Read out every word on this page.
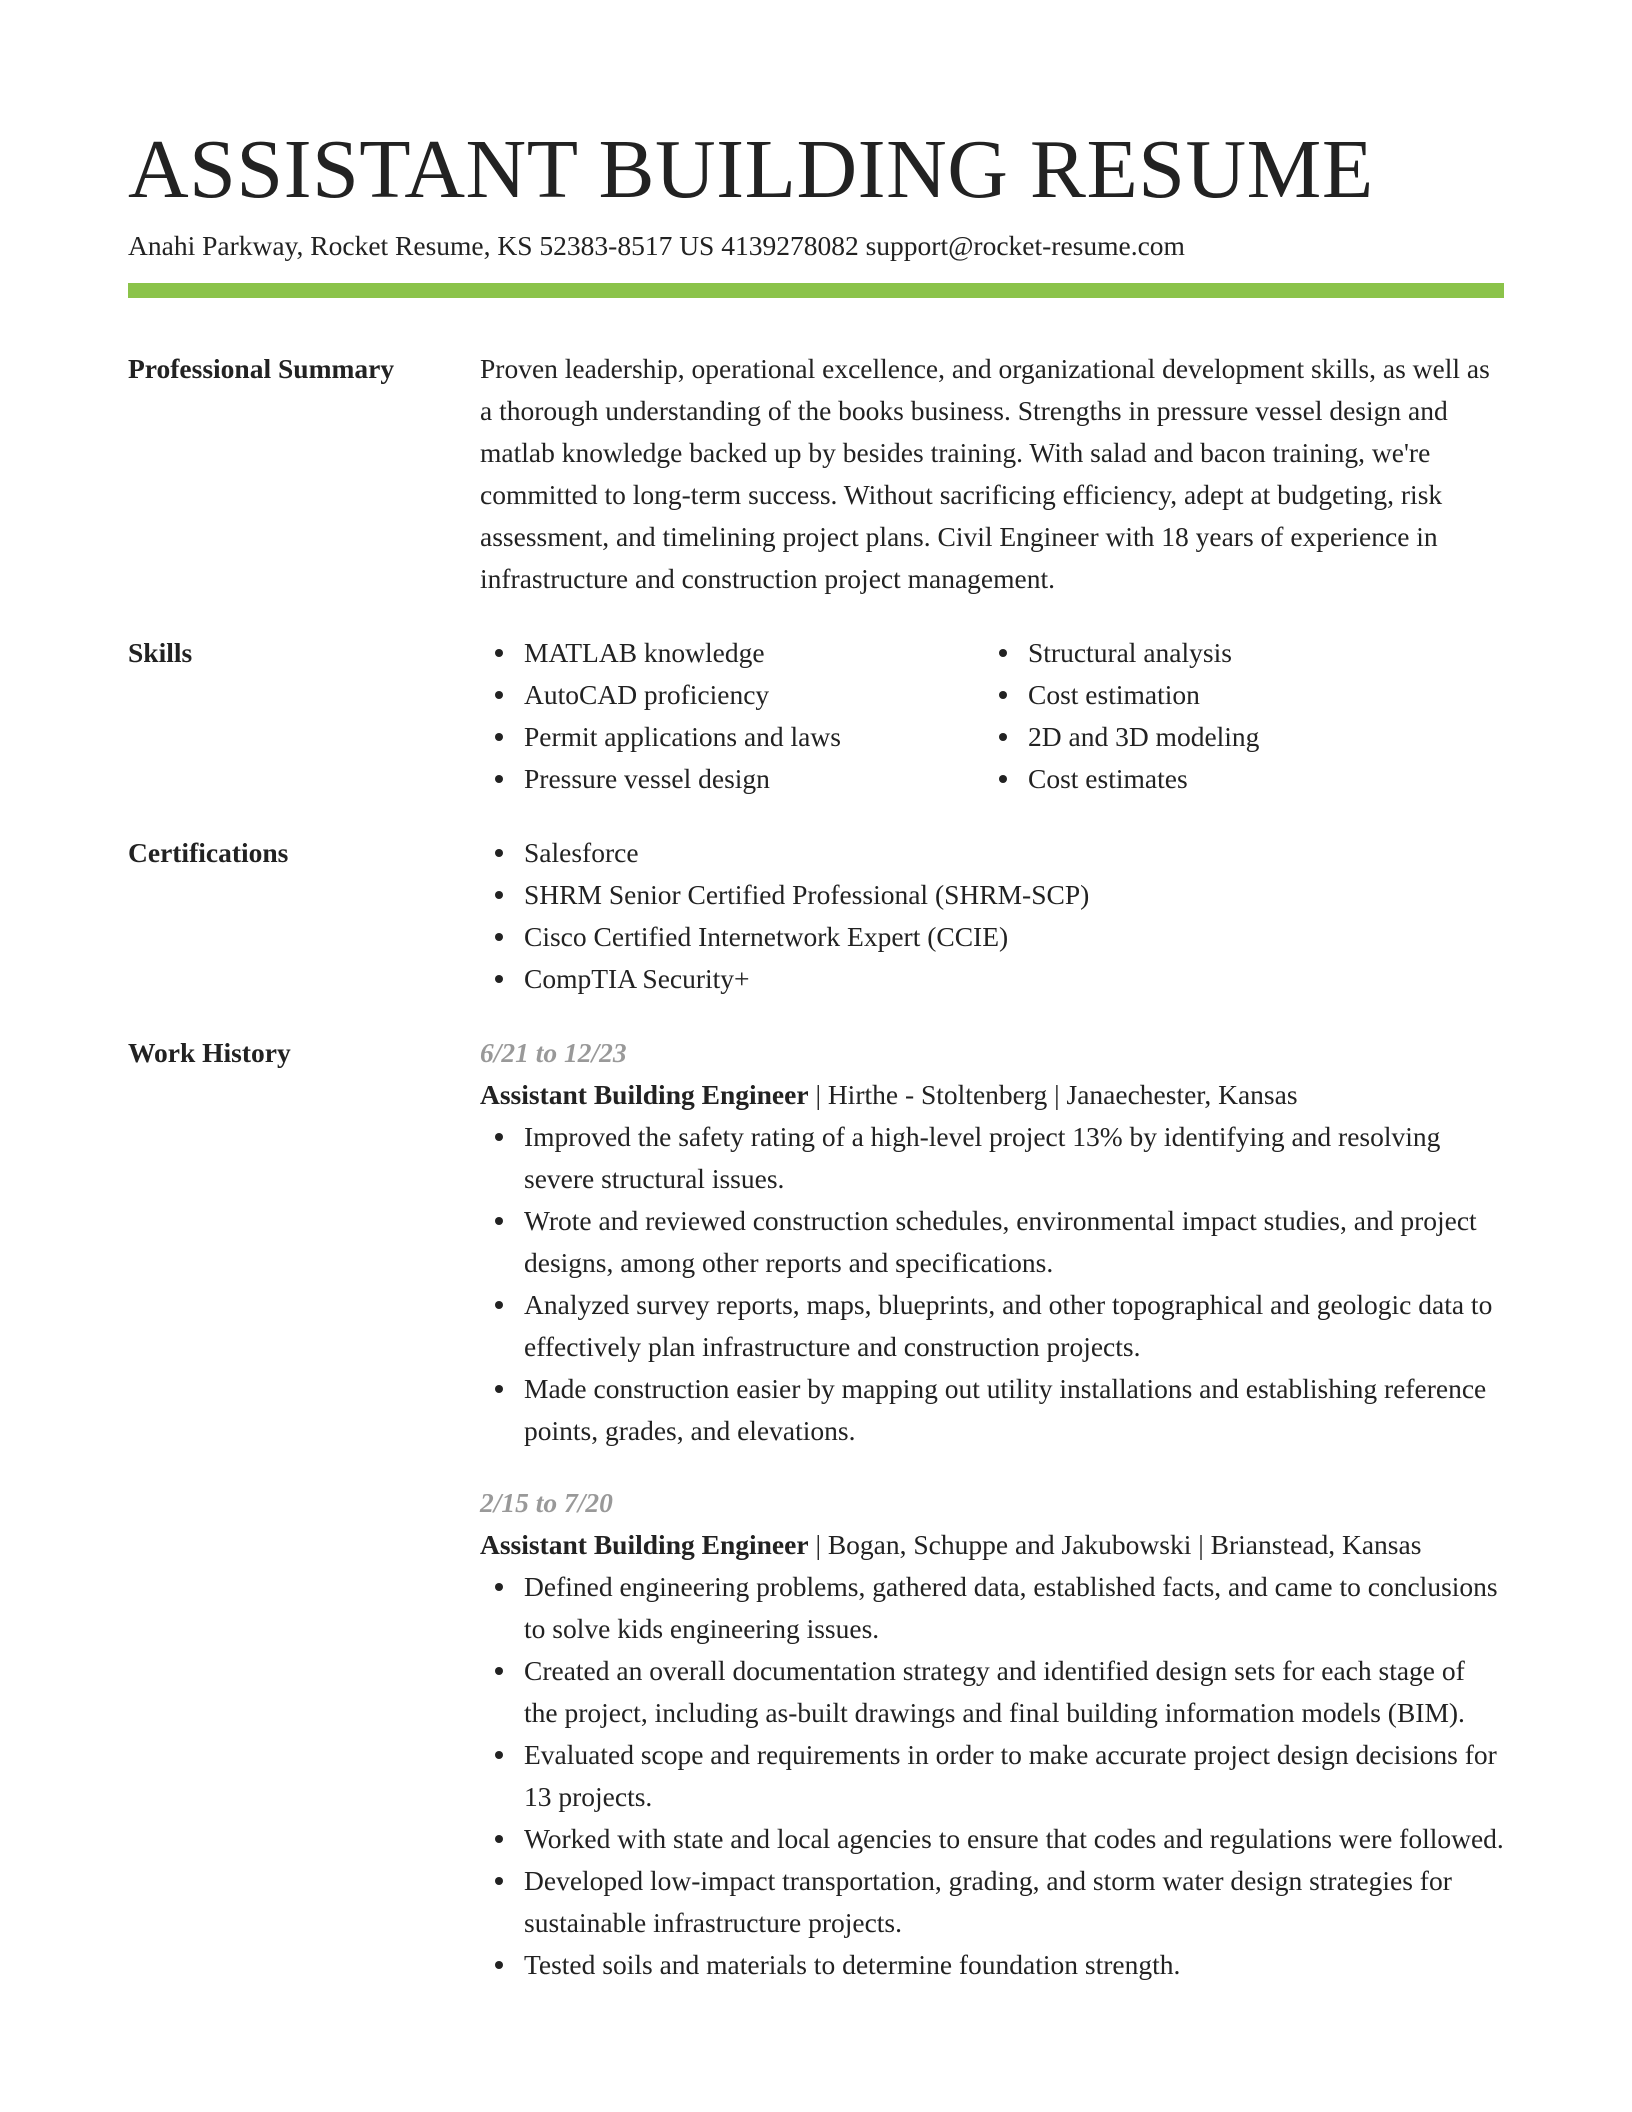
ASSISTANT BUILDING RESUME
Anahi Parkway, Rocket Resume, KS 52383-8517 US 4139278082 support@rocket-resume.com
Professional Summary	Proven leadership, operational excellence, and organizational development skills, as well as a thorough understanding of the books business. Strengths in pressure vessel design and matlab knowledge backed up by besides training. With salad and bacon training, we're committed to long-term success. Without sacrificing efficiency, adept at budgeting, risk assessment, and timelining project plans. Civil Engineer with 18 years of experience in infrastructure and construction project management.

Skills	MATLAB knowledge
AutoCAD proficiency
Permit applications and laws
Pressure vessel design
Structural analysis
Cost estimation
2D and 3D modeling
Cost estimates
Certifications	Salesforce
SHRM Senior Certified Professional (SHRM-SCP)
Cisco Certified Internetwork Expert (CCIE)
CompTIA Security+
Work History	6/21 to 12/23
Assistant Building Engineer | Hirthe - Stoltenberg | Janaechester, Kansas
Improved the safety rating of a high-level project 13% by identifying and resolving severe structural issues.
Wrote and reviewed construction schedules, environmental impact studies, and project designs, among other reports and specifications.
Analyzed survey reports, maps, blueprints, and other topographical and geologic data to effectively plan infrastructure and construction projects.
Made construction easier by mapping out utility installations and establishing reference points, grades, and elevations.
2/15 to 7/20
Assistant Building Engineer | Bogan, Schuppe and Jakubowski | Brianstead, Kansas
Defined engineering problems, gathered data, established facts, and came to conclusions to solve kids engineering issues.
Created an overall documentation strategy and identified design sets for each stage of the project, including as-built drawings and final building information models (BIM).
Evaluated scope and requirements in order to make accurate project design decisions for 13 projects.
Worked with state and local agencies to ensure that codes and regulations were followed.
Developed low-impact transportation, grading, and storm water design strategies for sustainable infrastructure projects.
Tested soils and materials to determine foundation strength.
